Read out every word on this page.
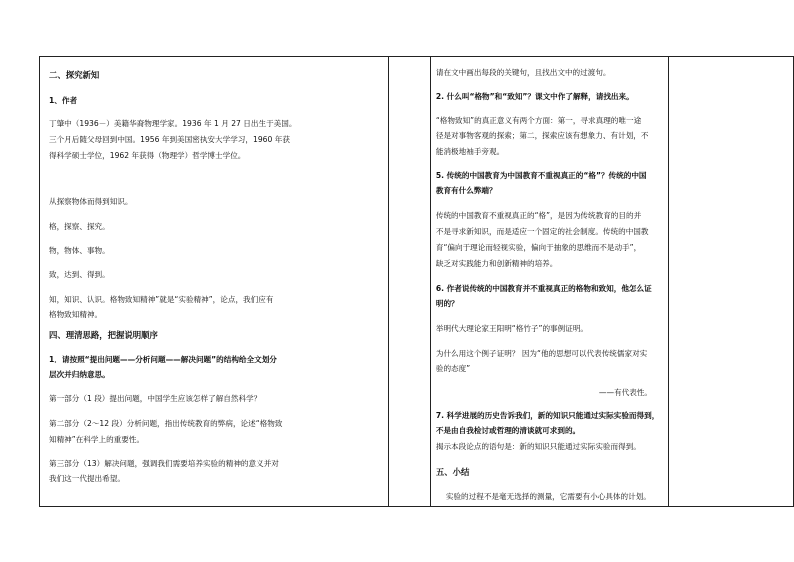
二、探究新知
1、作者
丁肇中（1936－）美籍华裔物理学家。1936 年 1 月 27 日出生于美国。
三个月后随父母回到中国。1956 年到美国密执安大学学习，1960 年获
得科学硕士学位，1962 年获得（物理学）哲学博士学位。
从探察物体而得到知识。
格，探察、探究。
物，物体、事物。
致，达到、得到。
知，知识、认识。格物致知精神”就是“实验精神”，论点，我们应有
格物致知精神。
四、理清思路，把握说明顺序
1．请按照“提出问题——分析问题——解决问题”的结构给全文划分
层次并归纳意思。
第一部分（1 段）提出问题，中国学生应该怎样了解自然科学？
第二部分（2～12 段）分析问题，指出传统教育的弊病，论述“格物致
知精神”在科学上的重要性。
第三部分（13）解决问题，强调我们需要培养实验的精神的意义并对
我们这一代提出希望。

请在文中画出每段的关键句，且找出文中的过渡句。
2. 什么叫“格物”和“致知”？课文中作了解释，请找出来。
“格物致知”的真正意义有两个方面：第一，寻求真理的唯一途
径是对事物客观的探索；第二，探索应该有想象力、有计划，不
能消极地袖手旁观。
5. 传统的中国教育为中国教育不重视真正的“格”？传统的中国
教育有什么弊端？
传统的中国教育不重视真正的“格”，是因为传统教育的目的并
不是寻求新知识，而是适应一个固定的社会制度。传统的中国教
育“偏向于理论而轻视实验，偏向于抽象的思维而不是动手”，
缺乏对实践能力和创新精神的培养。
6. 作者说传统的中国教育并不重视真正的格物和致知，他怎么证
明的？
举明代大理论家王阳明“格竹子”的事例证明。
为什么用这个例子证明？ 因为“他的思想可以代表传统儒家对实
验的态度”
——有代表性。
7. 科学进展的历史告诉我们，新的知识只能通过实际实验而得到，
不是由自我检讨或哲理的清谈就可求到的。
揭示本段论点的语句是：新的知识只能通过实际实验而得到。
五、小结
实验的过程不是毫无选择的测量，它需要有小心具体的计划。
